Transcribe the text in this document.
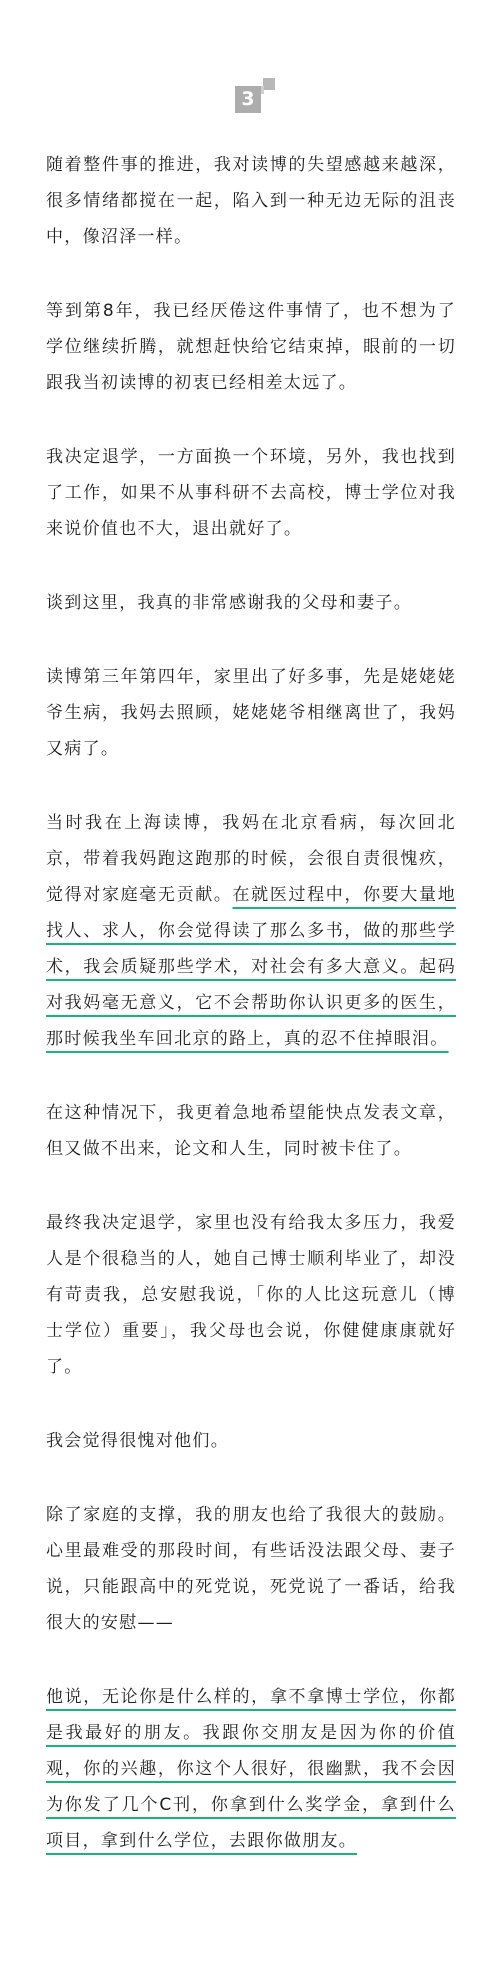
3

随着整件事的推进，我对读博的失望感越来越深，很多情绪都搅在一起，陷入到一种无边无际的沮丧中，像沼泽一样。

等到第8年，我已经厌倦这件事情了，也不想为了学位继续折腾，就想赶快给它结束掉，眼前的一切跟我当初读博的初衷已经相差太远了。

我决定退学，一方面换一个环境，另外，我也找到了工作，如果不从事科研不去高校，博士学位对我来说价值也不大，退出就好了。

谈到这里，我真的非常感谢我的父母和妻子。

读博第三年第四年，家里出了好多事，先是姥姥姥爷生病，我妈去照顾，姥姥姥爷相继离世了，我妈又病了。

当时我在上海读博，我妈在北京看病，每次回北京，带着我妈跑这跑那的时候，会很自责很愧疚，觉得对家庭毫无贡献。在就医过程中，你要大量地找人、求人，你会觉得读了那么多书，做的那些学术，我会质疑那些学术，对社会有多大意义。起码对我妈毫无意义，它不会帮助你认识更多的医生，那时候我坐车回北京的路上，真的忍不住掉眼泪。

在这种情况下，我更着急地希望能快点发表文章，但又做不出来，论文和人生，同时被卡住了。

最终我决定退学，家里也没有给我太多压力，我爱人是个很稳当的人，她自己博士顺利毕业了，却没有苛责我，总安慰我说，「你的人比这玩意儿（博士学位）重要」，我父母也会说，你健健康康就好了。

我会觉得很愧对他们。

除了家庭的支撑，我的朋友也给了我很大的鼓励。心里最难受的那段时间，有些话没法跟父母、妻子说，只能跟高中的死党说，死党说了一番话，给我很大的安慰——

他说，无论你是什么样的，拿不拿博士学位，你都是我最好的朋友。我跟你交朋友是因为你的价值观，你的兴趣，你这个人很好，很幽默，我不会因为你发了几个C刊，你拿到什么奖学金，拿到什么项目，拿到什么学位，去跟你做朋友。
